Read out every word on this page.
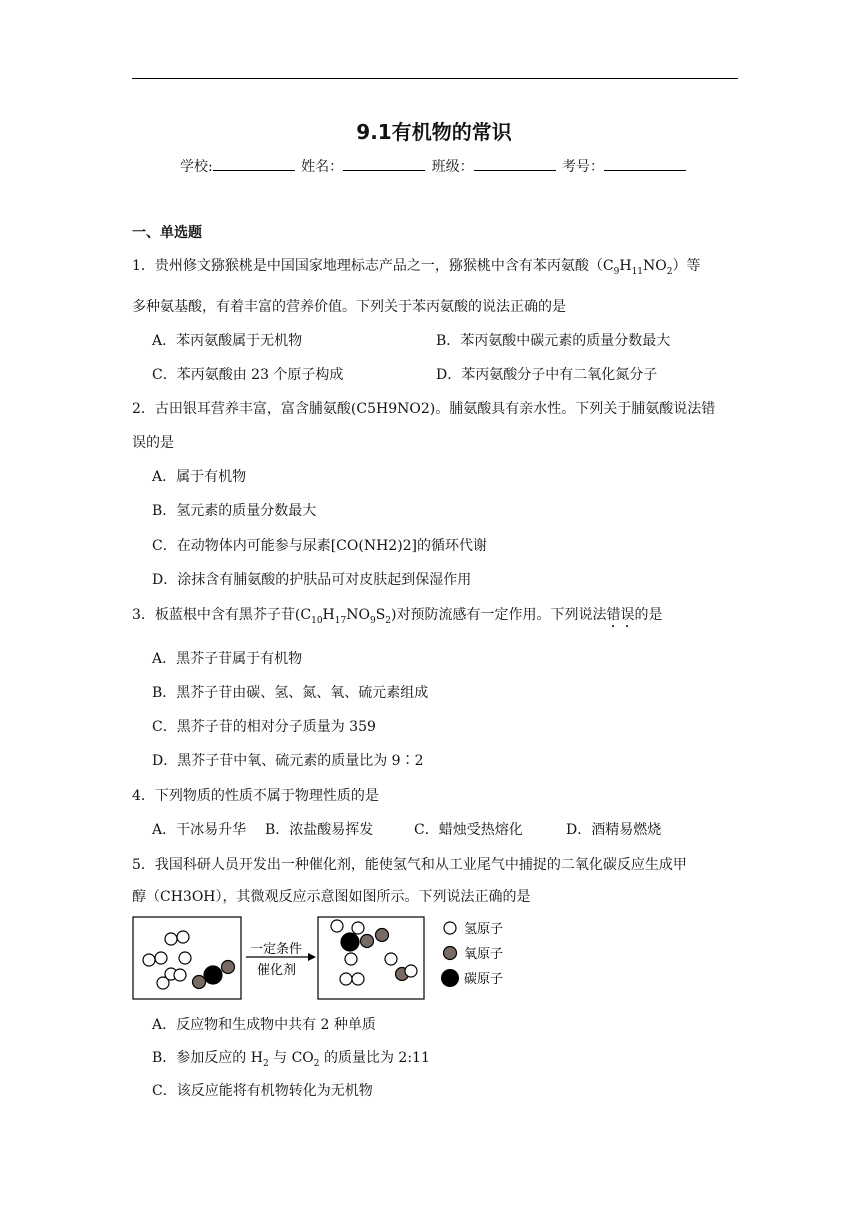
9.1有机物的常识
学校:	姓名：	班级：	考号：
一、单选题
1．贵州修文猕猴桃是中国国家地理标志产品之一，猕猴桃中含有苯丙氨酸$(C_9H_{11}NO_2)$等
多种氨基酸，有着丰富的营养价值。下列关于苯丙氨酸的说法正确的是
A．苯丙氨酸属于无机物	B．苯丙氨酸中碳元素的质量分数最大
C．苯丙氨酸由 23 个原子构成	D．苯丙氨酸分子中有二氧化氮分子
2．古田银耳营养丰富，富含脯氨酸(C5H9NO2)。脯氨酸具有亲水性。下列关于脯氨酸说法错
误的是
A．属于有机物
B．氢元素的质量分数最大
C．在动物体内可能参与尿素[CO(NH2)2]的循环代谢
D．涂抹含有脯氨酸的护肤品可对皮肤起到保湿作用
3．板蓝根中含有黑芥子苷$(C_{10}H_{17}NO_9S_2)$对预防流感有一定作用。下列说法错误的是
A．黑芥子苷属于有机物
B．黑芥子苷由碳、氢、氮、氧、硫元素组成
C．黑芥子苷的相对分子质量为 359
D．黑芥子苷中氧、硫元素的质量比为 9∶2
4．下列物质的性质不属于物理性质的是
A．干冰易升华 B．浓盐酸易挥发	C．蜡烛受热熔化	D．酒精易燃烧
5．我国科研人员开发出一种催化剂，能使氢气和从工业尾气中捕捉的二氧化碳反应生成甲
醇（CH3OH），其微观反应示意图如图所示。下列说法正确的是
一定条件
催化剂
氢原子
氧原子
碳原子
A．反应物和生成物中共有 2 种单质
B．参加反应的 $H_2$ 与 $CO_2$ 的质量比为 2:11
C．该反应能将有机物转化为无机物
